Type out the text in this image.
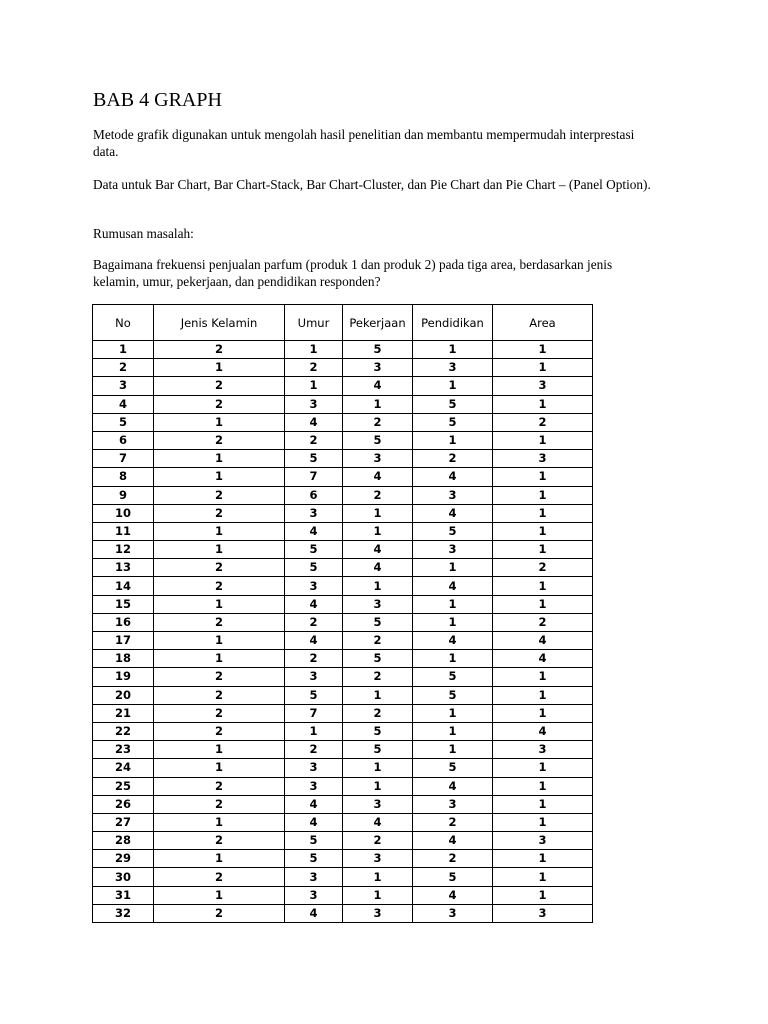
BAB 4 GRAPH

Metode grafik digunakan untuk mengolah hasil penelitian dan membantu mempermudah interpresta​si data.

Data untuk Bar Chart, Bar Chart-Stack, Bar Chart-Cluster, dan Pie Chart dan Pie Chart – (Panel Option).

Rumusan masalah:

Bagaimana frekuensi penjualan parfum (produk 1 dan produk 2) pada tiga area, berdasarkan jenis kelamin, umur, pekerjaan, dan pendidikan responden?

No	Jenis Kelamin	Umur	Pekerjaan	Pendidikan	Area
1	2	1	5	1	1
2	1	2	3	3	1
3	2	1	4	1	3
4	2	3	1	5	1
5	1	4	2	5	2
6	2	2	5	1	1
7	1	5	3	2	3
8	1	7	4	4	1
9	2	6	2	3	1
10	2	3	1	4	1
11	1	4	1	5	1
12	1	5	4	3	1
13	2	5	4	1	2
14	2	3	1	4	1
15	1	4	3	1	1
16	2	2	5	1	2
17	1	4	2	4	4
18	1	2	5	1	4
19	2	3	2	5	1
20	2	5	1	5	1
21	2	7	2	1	1
22	2	1	5	1	4
23	1	2	5	1	3
24	1	3	1	5	1
25	2	3	1	4	1
26	2	4	3	3	1
27	1	4	4	2	1
28	2	5	2	4	3
29	1	5	3	2	1
30	2	3	1	5	1
31	1	3	1	4	1
32	2	4	3	3	3
